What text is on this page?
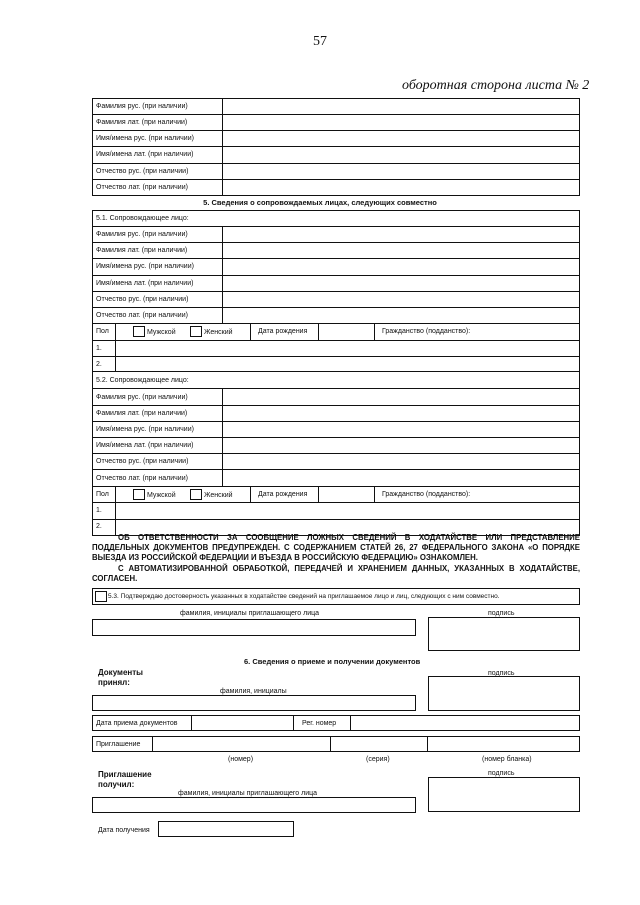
57
оборотная сторона листа № 2
Фамилия рус. (при наличии)
Фамилия лат. (при наличии)
Имя/имена рус. (при наличии)
Имя/имена лат. (при наличии)
Отчество рус. (при наличии)
Отчество лат. (при наличии)
5. Сведения о сопровождаемых лицах, следующих совместно
5.1. Сопровождающее лицо:
Фамилия рус. (при наличии)
Фамилия лат. (при наличии)
Имя/имена рус. (при наличии)
Имя/имена лат. (при наличии)
Отчество рус. (при наличии)
Отчество лат. (при наличии)
Пол	Мужской	Женский	Дата рождения	Гражданство (подданство):
1.
2.
5.2. Сопровождающее лицо:
Фамилия рус. (при наличии)
Фамилия лат. (при наличии)
Имя/имена рус. (при наличии)
Имя/имена лат. (при наличии)
Отчество рус. (при наличии)
Отчество лат. (при наличии)
Пол	Мужской	Женский	Дата рождения	Гражданство (подданство):
1.
2.
ОБ ОТВЕТСТВЕННОСТИ ЗА СООБЩЕНИЕ ЛОЖНЫХ СВЕДЕНИЙ В ХОДАТАЙСТВЕ ИЛИ ПРЕДСТАВЛЕНИЕ ПОДДЕЛЬНЫХ ДОКУМЕНТОВ ПРЕДУПРЕЖДЕН. С СОДЕРЖАНИЕМ СТАТЕЙ 26, 27 ФЕДЕРАЛЬНОГО ЗАКОНА «О ПОРЯДКЕ ВЫЕЗДА ИЗ РОССИЙСКОЙ ФЕДЕРАЦИИ И ВЪЕЗДА В РОССИЙСКУЮ ФЕДЕРАЦИЮ» ОЗНАКОМЛЕН.
С АВТОМАТИЗИРОВАННОЙ ОБРАБОТКОЙ, ПЕРЕДАЧЕЙ И ХРАНЕНИЕМ ДАННЫХ, УКАЗАННЫХ В ХОДАТАЙСТВЕ, СОГЛАСЕН.
5.3. Подтверждаю достоверность указанных в ходатайстве сведений на приглашаемое лицо и лиц, следующих с ним совместно.
фамилия, инициалы приглашающего лица	подпись
6. Сведения о приеме и получении документов
Документы принял:
подпись
фамилия, инициалы
Дата приема документов	Рег. номер
Приглашение
(номер)	(серия)	(номер бланка)
Приглашение получил:
подпись
фамилия, инициалы приглашающего лица
Дата получения
